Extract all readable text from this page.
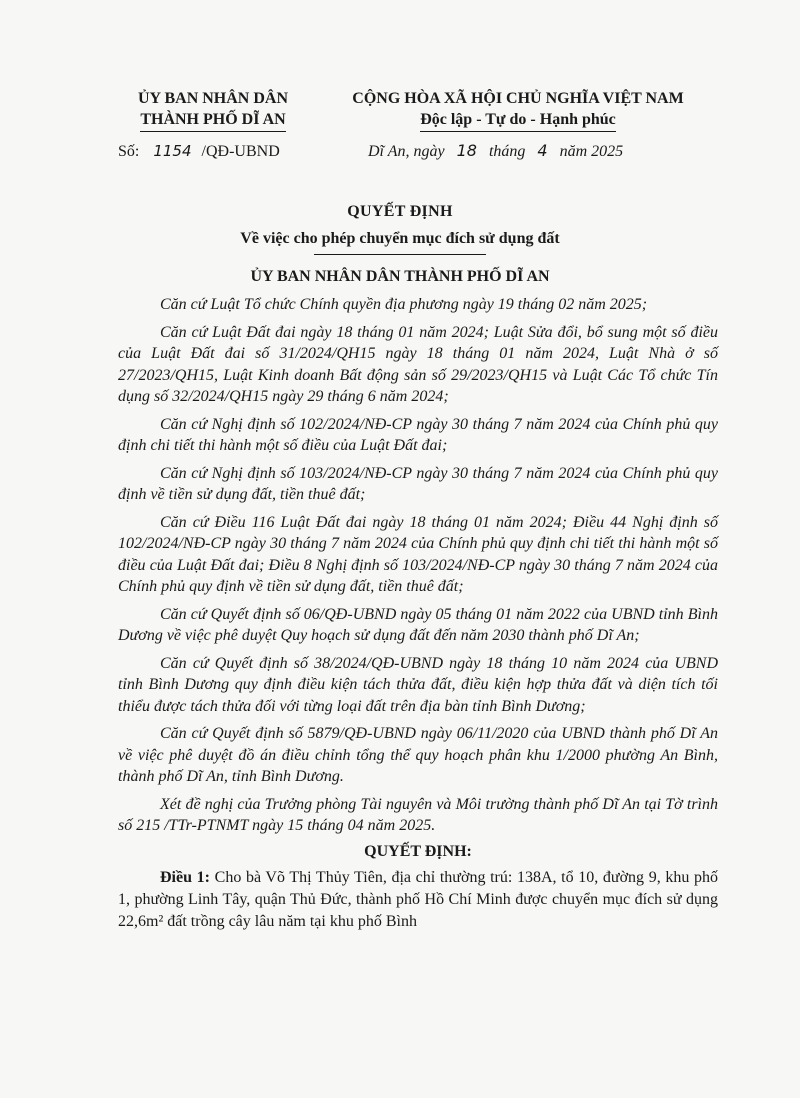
ỦY BAN NHÂN DÂN
THÀNH PHỐ DĨ AN
CỘNG HÒA XÃ HỘI CHỦ NGHĨA VIỆT NAM
Độc lập - Tự do - Hạnh phúc
Số: 1154 /QĐ-UBND	Dĩ An, ngày 18 tháng 4 năm 2025
QUYẾT ĐỊNH
Về việc cho phép chuyển mục đích sử dụng đất
ỦY BAN NHÂN DÂN THÀNH PHỐ DĨ AN

Căn cứ Luật Tổ chức Chính quyền địa phương ngày 19 tháng 02 năm 2025;

Căn cứ Luật Đất đai ngày 18 tháng 01 năm 2024; Luật Sửa đổi, bổ sung một số điều của Luật Đất đai số 31/2024/QH15 ngày 18 tháng 01 năm 2024, Luật Nhà ở số 27/2023/QH15, Luật Kinh doanh Bất động sản số 29/2023/QH15 và Luật Các Tổ chức Tín dụng số 32/2024/QH15 ngày 29 tháng 6 năm 2024;

Căn cứ Nghị định số 102/2024/NĐ-CP ngày 30 tháng 7 năm 2024 của Chính phủ quy định chi tiết thi hành một số điều của Luật Đất đai;

Căn cứ Nghị định số 103/2024/NĐ-CP ngày 30 tháng 7 năm 2024 của Chính phủ quy định về tiền sử dụng đất, tiền thuê đất;

Căn cứ Điều 116 Luật Đất đai ngày 18 tháng 01 năm 2024; Điều 44 Nghị định số 102/2024/NĐ-CP ngày 30 tháng 7 năm 2024 của Chính phủ quy định chi tiết thi hành một số điều của Luật Đất đai; Điều 8 Nghị định số 103/2024/NĐ-CP ngày 30 tháng 7 năm 2024 của Chính phủ quy định về tiền sử dụng đất, tiền thuê đất;

Căn cứ Quyết định số 06/QĐ-UBND ngày 05 tháng 01 năm 2022 của UBND tỉnh Bình Dương về việc phê duyệt Quy hoạch sử dụng đất đến năm 2030 thành phố Dĩ An;

Căn cứ Quyết định số 38/2024/QĐ-UBND ngày 18 tháng 10 năm 2024 của UBND tỉnh Bình Dương quy định điều kiện tách thửa đất, điều kiện hợp thửa đất và diện tích tối thiểu được tách thửa đối với từng loại đất trên địa bàn tỉnh Bình Dương;

Căn cứ Quyết định số 5879/QĐ-UBND ngày 06/11/2020 của UBND thành phố Dĩ An về việc phê duyệt đồ án điều chỉnh tổng thể quy hoạch phân khu 1/2000 phường An Bình, thành phố Dĩ An, tỉnh Bình Dương.

Xét đề nghị của Trưởng phòng Tài nguyên và Môi trường thành phố Dĩ An tại Tờ trình số 215 /TTr-PTNMT ngày 15 tháng 04 năm 2025.

QUYẾT ĐỊNH:

Điều 1: Cho bà Võ Thị Thủy Tiên, địa chỉ thường trú: 138A, tổ 10, đường 9, khu phố 1, phường Linh Tây, quận Thủ Đức, thành phố Hồ Chí Minh được chuyển mục đích sử dụng 22,6m² đất trồng cây lâu năm tại khu phố Bình
